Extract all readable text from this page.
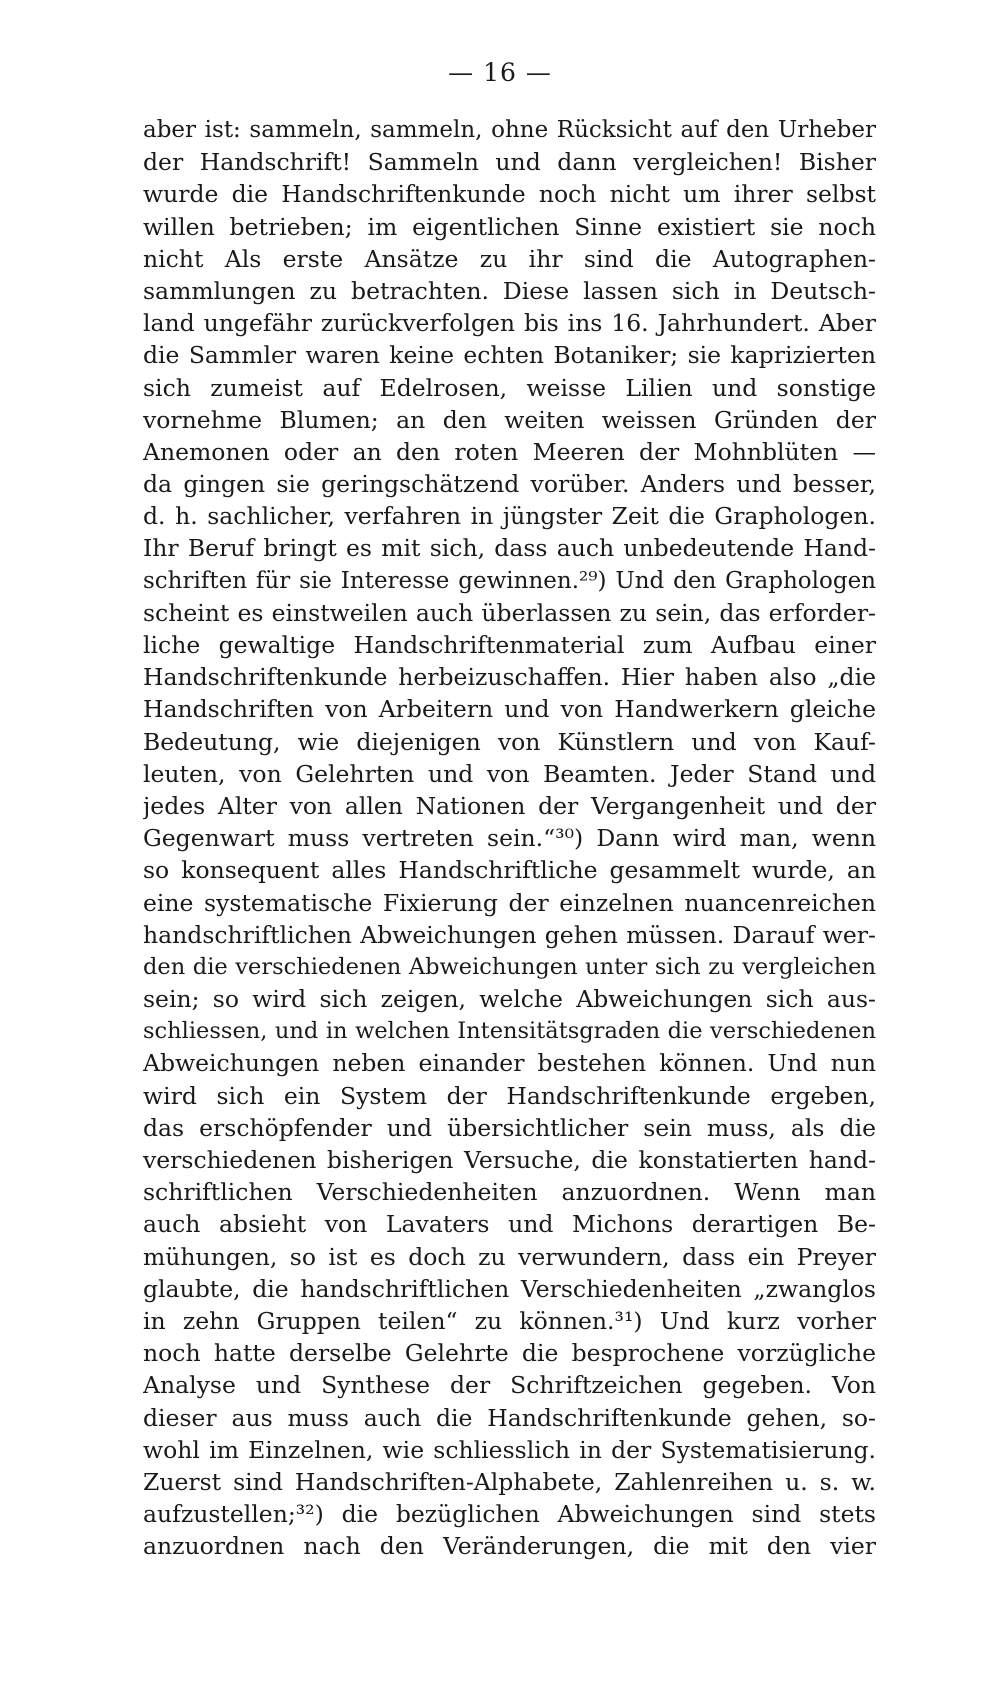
— 16 —
aber ist: sammeln, sammeln, ohne Rücksicht auf den Urheber
der Handschrift! Sammeln und dann vergleichen! Bisher
wurde die Handschriftenkunde noch nicht um ihrer selbst
willen betrieben; im eigentlichen Sinne existiert sie noch
nicht Als erste Ansätze zu ihr sind die Autographen-
sammlungen zu betrachten. Diese lassen sich in Deutsch-
land ungefähr zurückverfolgen bis ins 16. Jahrhundert. Aber
die Sammler waren keine echten Botaniker; sie kaprizierten
sich zumeist auf Edelrosen, weisse Lilien und sonstige
vornehme Blumen; an den weiten weissen Gründen der
Anemonen oder an den roten Meeren der Mohnblüten —
da gingen sie geringschätzend vorüber. Anders und besser,
d. h. sachlicher, verfahren in jüngster Zeit die Graphologen.
Ihr Beruf bringt es mit sich, dass auch unbedeutende Hand-
schriften für sie Interesse gewinnen.²⁹) Und den Graphologen
scheint es einstweilen auch überlassen zu sein, das erforder-
liche gewaltige Handschriftenmaterial zum Aufbau einer
Handschriftenkunde herbeizuschaffen. Hier haben also „die
Handschriften von Arbeitern und von Handwerkern gleiche
Bedeutung, wie diejenigen von Künstlern und von Kauf-
leuten, von Gelehrten und von Beamten. Jeder Stand und
jedes Alter von allen Nationen der Vergangenheit und der
Gegenwart muss vertreten sein.“³⁰) Dann wird man, wenn
so konsequent alles Handschriftliche gesammelt wurde, an
eine systematische Fixierung der einzelnen nuancenreichen
handschriftlichen Abweichungen gehen müssen. Darauf wer-
den die verschiedenen Abweichungen unter sich zu vergleichen
sein; so wird sich zeigen, welche Abweichungen sich aus-
schliessen, und in welchen Intensitätsgraden die verschiedenen
Abweichungen neben einander bestehen können. Und nun
wird sich ein System der Handschriftenkunde ergeben,
das erschöpfender und übersichtlicher sein muss, als die
verschiedenen bisherigen Versuche, die konstatierten hand-
schriftlichen Verschiedenheiten anzuordnen. Wenn man
auch absieht von Lavaters und Michons derartigen Be-
mühungen, so ist es doch zu verwundern, dass ein Preyer
glaubte, die handschriftlichen Verschiedenheiten „zwanglos
in zehn Gruppen teilen“ zu können.³¹) Und kurz vorher
noch hatte derselbe Gelehrte die besprochene vorzügliche
Analyse und Synthese der Schriftzeichen gegeben. Von
dieser aus muss auch die Handschriftenkunde gehen, so-
wohl im Einzelnen, wie schliesslich in der Systematisierung.
Zuerst sind Handschriften-Alphabete, Zahlenreihen u. s. w.
aufzustellen;³²) die bezüglichen Abweichungen sind stets
anzuordnen nach den Veränderungen, die mit den vier
